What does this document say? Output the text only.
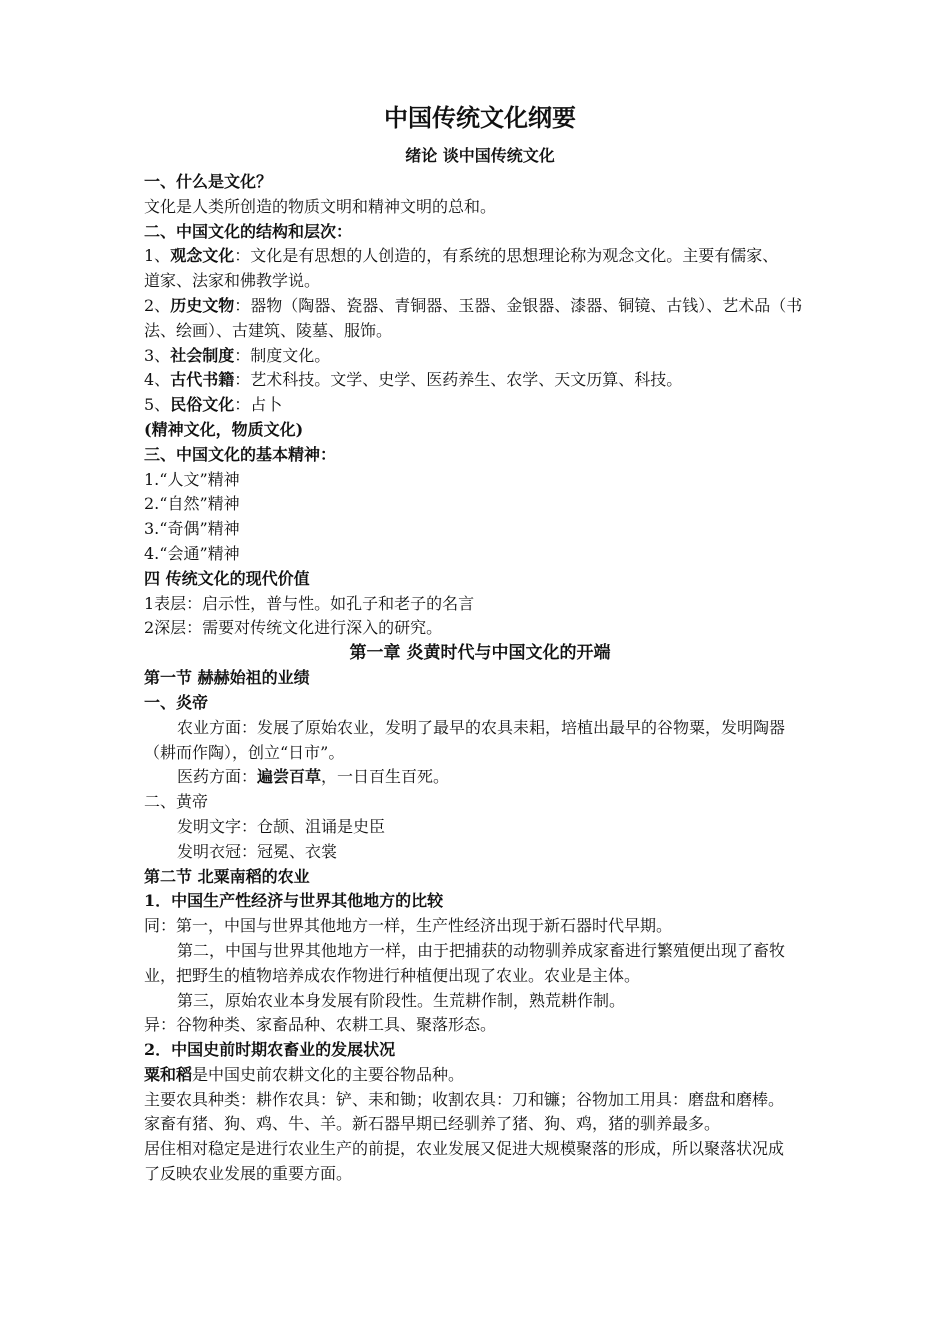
中国传统文化纲要

绪论 谈中国传统文化

一、什么是文化？

文化是人类所创造的物质文明和精神文明的总和。

二、中国文化的结构和层次：

1、观念文化：文化是有思想的人创造的，有系统的思想理论称为观念文化。主要有儒家、

道家、法家和佛教学说。

2、历史文物：器物（陶器、瓷器、青铜器、玉器、金银器、漆器、铜镜、古钱）、艺术品（书

法、绘画）、古建筑、陵墓、服饰。

3、社会制度：制度文化。

4、古代书籍：艺术科技。文学、史学、医药养生、农学、天文历算、科技。

5、民俗文化：占卜

(精神文化，物质文化)

三、中国文化的基本精神：

1.“人文”精神

2.“自然”精神

3.“奇偶”精神

4.“会通”精神

四 传统文化的现代价值

1表层：启示性，普与性。如孔子和老子的名言

2深层：需要对传统文化进行深入的研究。

第一章 炎黄时代与中国文化的开端

第一节 赫赫始祖的业绩

一、炎帝

农业方面：发展了原始农业，发明了最早的农具耒耜，培植出最早的谷物粟，发明陶器

（耕而作陶），创立“日市”。

医药方面：遍尝百草，一日百生百死。

二、黄帝

发明文字：仓颉、沮诵是史臣

发明衣冠：冠冕、衣裳

第二节 北粟南稻的农业

1．中国生产性经济与世界其他地方的比较

同：第一，中国与世界其他地方一样，生产性经济出现于新石器时代早期。

第二，中国与世界其他地方一样，由于把捕获的动物驯养成家畜进行繁殖便出现了畜牧

业，把野生的植物培养成农作物进行种植便出现了农业。农业是主体。

第三，原始农业本身发展有阶段性。生荒耕作制，熟荒耕作制。

异：谷物种类、家畜品种、农耕工具、聚落形态。

2．中国史前时期农畜业的发展状况

粟和稻是中国史前农耕文化的主要谷物品种。

主要农具种类：耕作农具：铲、耒和锄；收割农具：刀和镰；谷物加工用具：磨盘和磨棒。

家畜有猪、狗、鸡、牛、羊。新石器早期已经驯养了猪、狗、鸡，猪的驯养最多。

居住相对稳定是进行农业生产的前提，农业发展又促进大规模聚落的形成，所以聚落状况成

了反映农业发展的重要方面。
